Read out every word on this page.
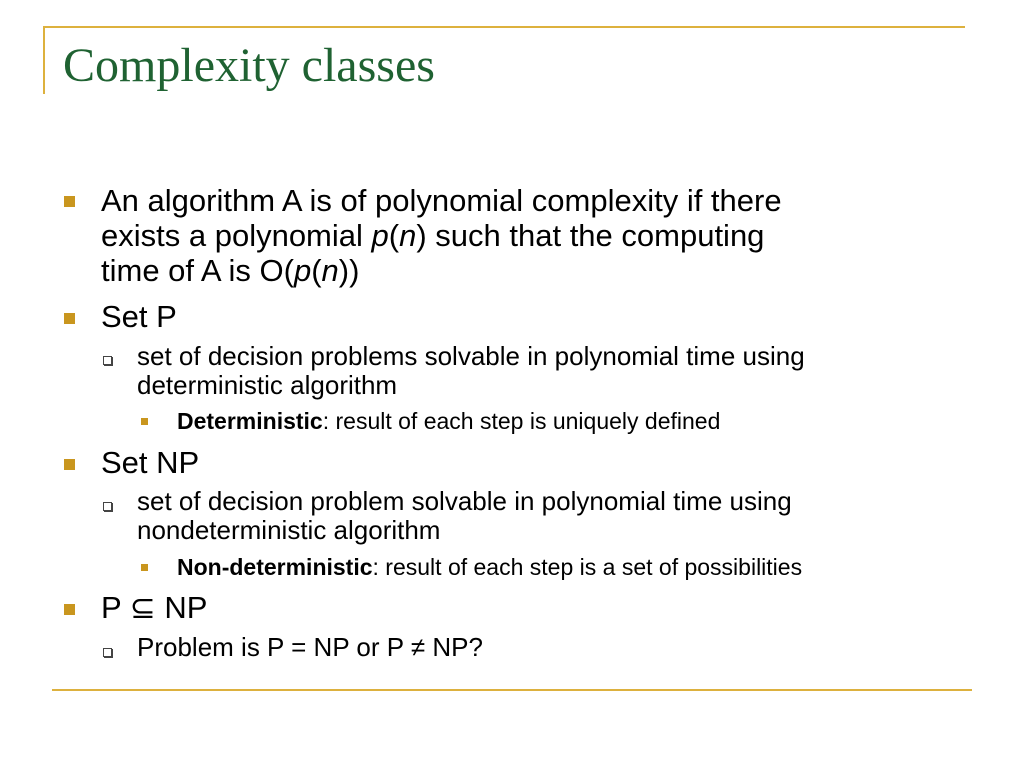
Complexity classes
An algorithm A is of polynomial complexity if there
exists a polynomial p(n) such that the computing
time of A is O(p(n))
Set P
set of decision problems solvable in polynomial time using
deterministic algorithm
Deterministic: result of each step is uniquely defined
Set NP
set of decision problem solvable in polynomial time using
nondeterministic algorithm
Non-deterministic: result of each step is a set of possibilities
P ⊆ NP
Problem is P = NP or P ≠ NP?
